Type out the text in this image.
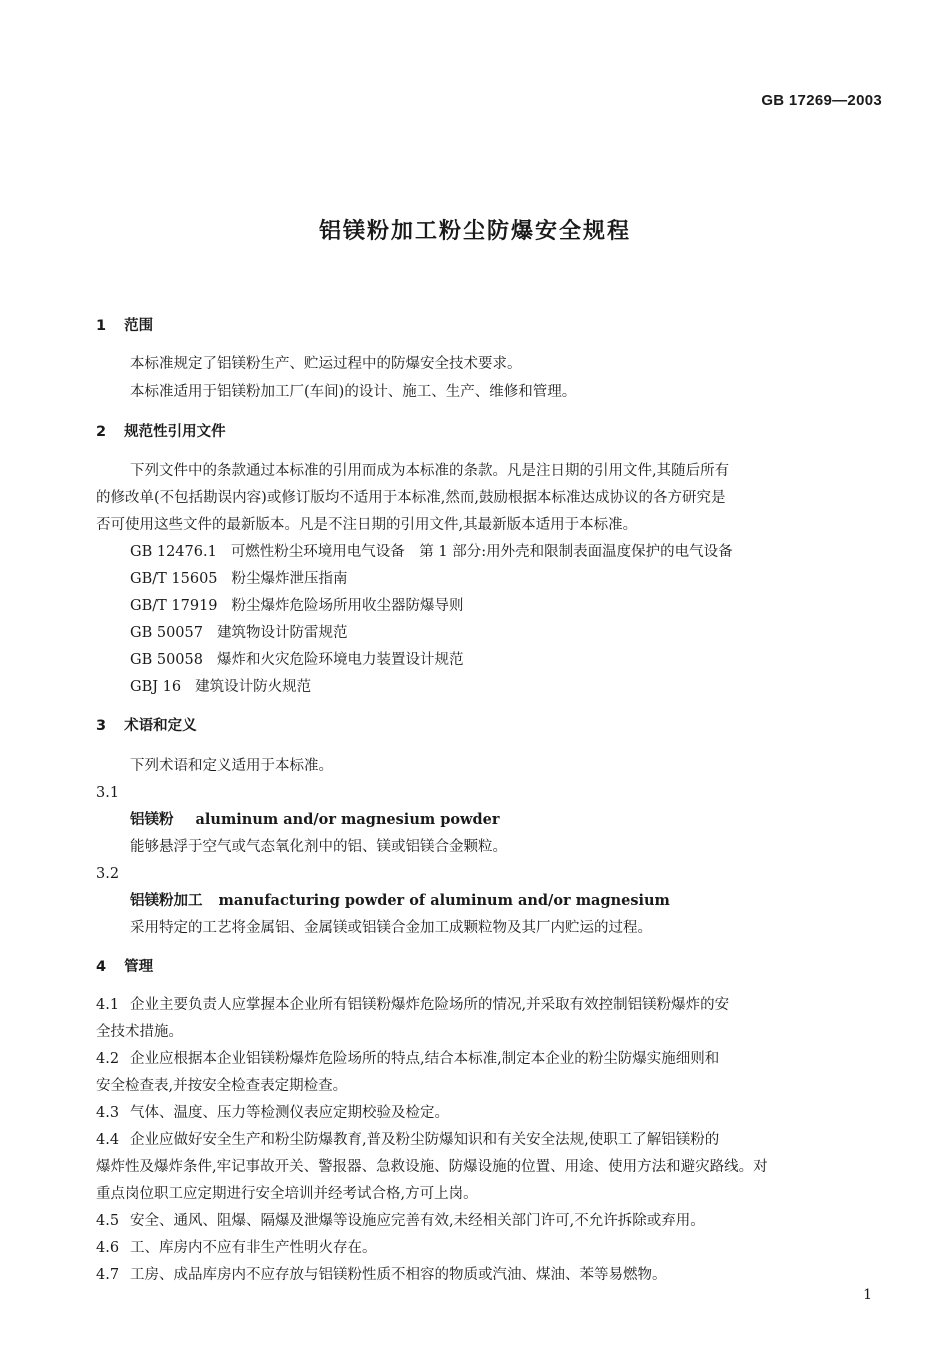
GB 17269—2003
铝镁粉加工粉尘防爆安全规程
1 范围
本标准规定了铝镁粉生产、贮运过程中的防爆安全技术要求。
本标准适用于铝镁粉加工厂(车间)的设计、施工、生产、维修和管理。
2 规范性引用文件
下列文件中的条款通过本标准的引用而成为本标准的条款。凡是注日期的引用文件,其随后所有
的修改单(不包括勘误内容)或修订版均不适用于本标准,然而,鼓励根据本标准达成协议的各方研究是
否可使用这些文件的最新版本。凡是不注日期的引用文件,其最新版本适用于本标准。
GB 12476.1 可燃性粉尘环境用电气设备　第 1 部分:用外壳和限制表面温度保护的电气设备
GB/T 15605 粉尘爆炸泄压指南
GB/T 17919 粉尘爆炸危险场所用收尘器防爆导则
GB 50057 建筑物设计防雷规范
GB 50058 爆炸和火灾危险环境电力装置设计规范
GBJ 16 建筑设计防火规范
3 术语和定义
下列术语和定义适用于本标准。
3.1
铝镁粉 aluminum and/or magnesium powder
能够悬浮于空气或气态氧化剂中的铝、镁或铝镁合金颗粒。
3.2
铝镁粉加工 manufacturing powder of aluminum and/or magnesium
采用特定的工艺将金属铝、金属镁或铝镁合金加工成颗粒物及其厂内贮运的过程。
4 管理
4.1 企业主要负责人应掌握本企业所有铝镁粉爆炸危险场所的情况,并采取有效控制铝镁粉爆炸的安
全技术措施。
4.2 企业应根据本企业铝镁粉爆炸危险场所的特点,结合本标准,制定本企业的粉尘防爆实施细则和
安全检查表,并按安全检查表定期检查。
4.3 气体、温度、压力等检测仪表应定期校验及检定。
4.4 企业应做好安全生产和粉尘防爆教育,普及粉尘防爆知识和有关安全法规,使职工了解铝镁粉的
爆炸性及爆炸条件,牢记事故开关、警报器、急救设施、防爆设施的位置、用途、使用方法和避灾路线。对
重点岗位职工应定期进行安全培训并经考试合格,方可上岗。
4.5 安全、通风、阻爆、隔爆及泄爆等设施应完善有效,未经相关部门许可,不允许拆除或弃用。
4.6 工、库房内不应有非生产性明火存在。
4.7 工房、成品库房内不应存放与铝镁粉性质不相容的物质或汽油、煤油、苯等易燃物。
1
